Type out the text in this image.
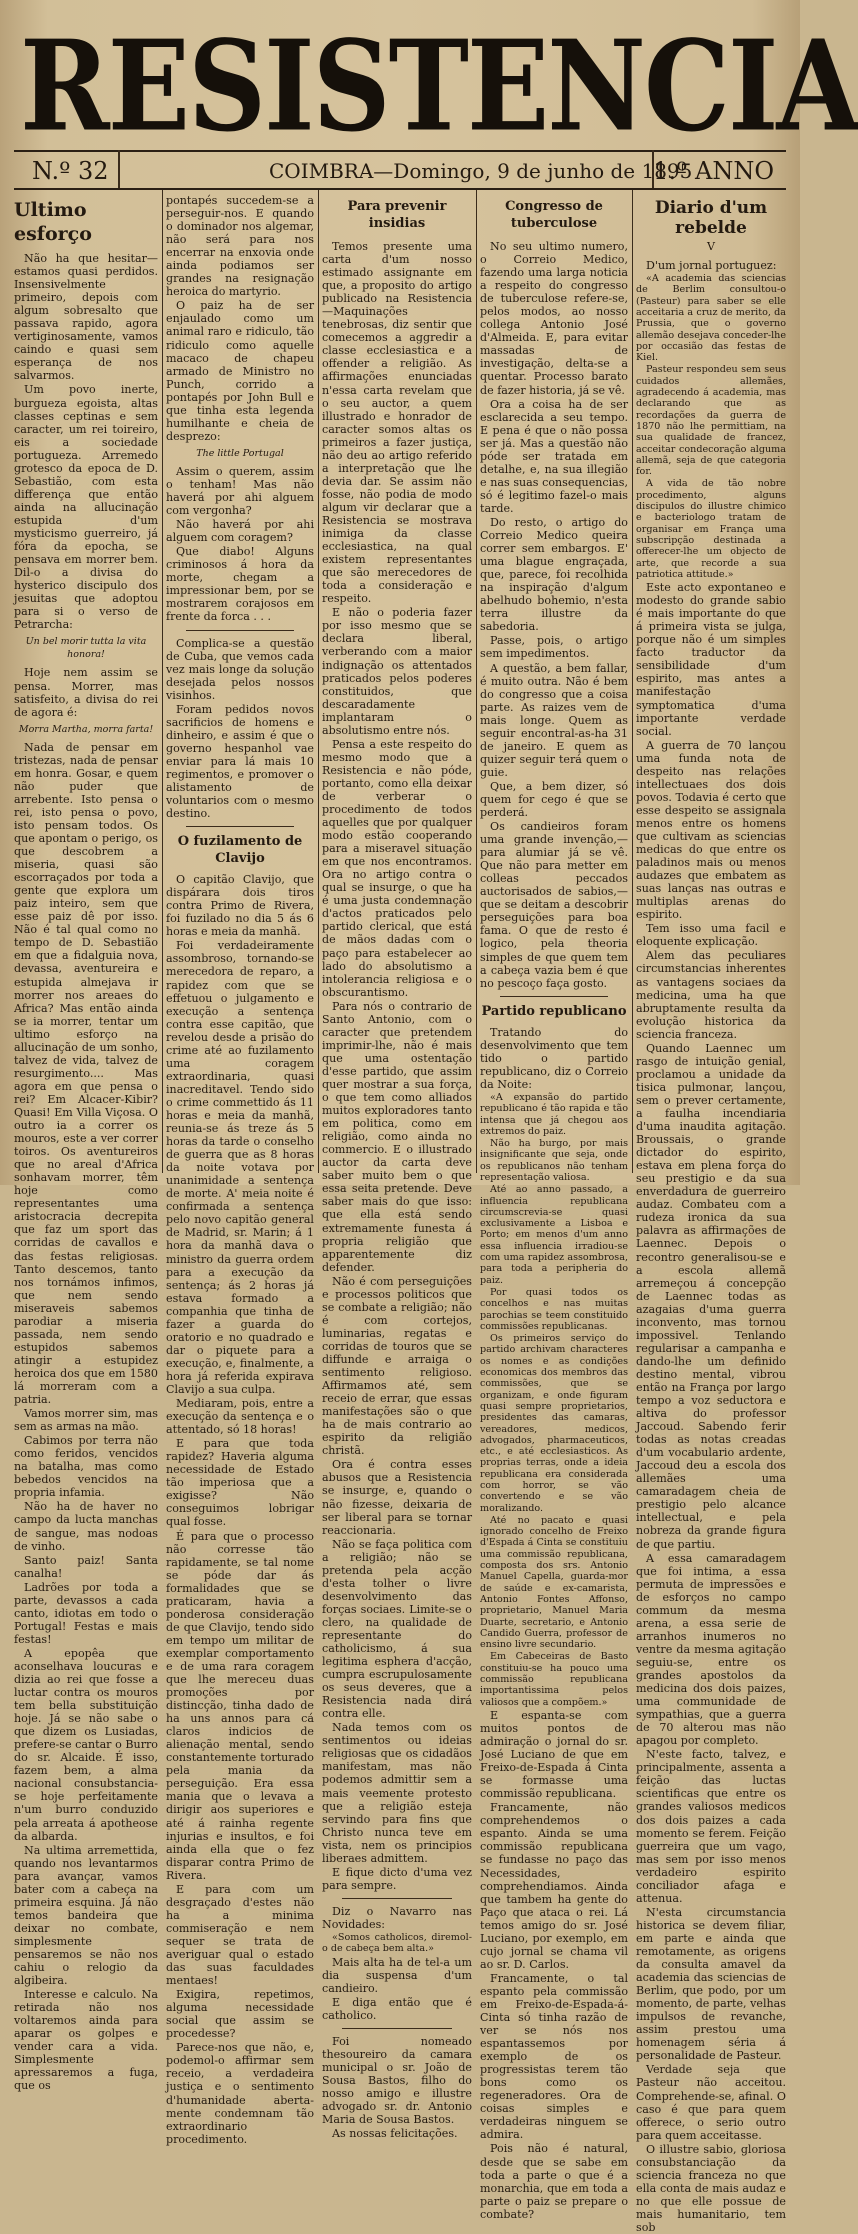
RESISTENCIA
N.º 32	COIMBRA—Domingo, 9 de junho de 1895
1.º ANNO
Ultimo esforço

Não ha que hesitar—estamos quasi perdidos. Insensivelmente primeiro, depois com algum sobresalto que passava rapido, agora vertiginosamente, vamos caindo e quasi sem esperança de nos salvarmos.

Um povo inerte, burgueza egoista, altas classes ceptinas e sem caracter, um rei toireiro, eis a sociedade portugueza. Arremedo grotesco da epoca de D. Sebastião, com esta differença que então ainda na allucinação estupida d'um mysticismo guerreiro, já fóra da epocha, se pensava em morrer bem. Dil-o a divisa do hysterico discipulo dos jesuitas que adoptou para si o verso de Petrarcha:

Un bel morir tutta la vita honora!

Hoje nem assim se pensa. Morrer, mas satisfeito, a divisa do rei de agora é:

Morra Martha, morra farta!

Nada de pensar em tristezas, nada de pensar em honra. Gosar, e quem não puder que arrebente. Isto pensa o rei, isto pensa o povo, isto pensam todos. Os que apontam o perigo, os que descobrem a miseria, quasi são escorraçados por toda a gente que explora um paiz inteiro, sem que esse paiz dê por isso. Não é tal qual como no tempo de D. Sebastião em que a fidalguia nova, devassa, aventureira e estupida almejava ir morrer nos areaes do Africa? Mas então ainda se ia morrer, tentar um ultimo esforço na allucinação de um sonho, talvez de vida, talvez de resurgimento.... Mas agora em que pensa o rei? Em Alcacer-Kibir? Quasi! Em Villa Viçosa. O outro ia a correr os mouros, este a ver correr toiros. Os aventureiros que no areal d'Africa sonhavam morrer, têm hoje como representantes uma aristocracia decrepita que faz um sport das corridas de cavallos e das festas religiosas. Tanto descemos, tanto nos tornámos infimos, que nem sendo miseraveis sabemos parodiar a miseria passada, nem sendo estupidos sabemos atingir a estupidez heroica dos que em 1580 lá morreram com a patria.

Vamos morrer sim, mas sem as armas na mão.

Cabimos por terra não como feridos, vencidos na batalha, mas como bebedos vencidos na propria infamia.

Não ha de haver no campo da lucta manchas de sangue, mas nodoas de vinho.

Santo paiz! Santa canalha!

Ladrões por toda a parte, devassos a cada canto, idiotas em todo o Portugal! Festas e mais festas!

A epopêa que aconselhava loucuras e dizia ao rei que fosse a luctar contra os mouros tem bella substituição hoje. Já se não sabe o que dizem os Lusiadas, prefere-se cantar o Burro do sr. Alcaide. É isso, fazem bem, a alma nacional consubstancia-se hoje perfeitamente n'um burro conduzido pela arreata á apotheose da albarda.

Na ultima arremettida, quando nos levantarmos para avançar, vamos bater com a cabeça na primeira esquina. Já não temos bandeira que deixar no combate, simplesmente pensaremos se não nos cahiu o relogio da algibeira.

Interesse e calculo. Na retirada não nos voltaremos ainda para aparar os golpes e vender cara a vida. Simplesmente apressaremos a fuga, que os

pontapés succedem-se a perseguir-nos. E quando o dominador nos algemar, não será para nos encerrar na enxovia onde ainda podiamos ser grandes na resignação heroica do martyrio.

O paiz ha de ser enjaulado como um animal raro e ridiculo, tão ridiculo como aquelle macaco de chapeu armado de Ministro no Punch, corrido a pontapés por John Bull e que tinha esta legenda humilhante e cheia de desprezo:

The little Portugal

Assim o querem, assim o tenham! Mas não haverá por ahi alguem com vergonha?

Não haverá por ahi alguem com coragem?

Que diabo! Alguns criminosos á hora da morte, chegam a impressionar bem, por se mostrarem corajosos em frente da forca . . .

Complica-se a questão de Cuba, que vemos cada vez mais longe da solução desejada pelos nossos visinhos.

Foram pedidos novos sacrificios de homens e dinheiro, e assim é que o governo hespanhol vae enviar para lá mais 10 regimentos, e promover o alistamento de voluntarios com o mesmo destino.

O fuzilamento de Clavijo

O capitão Clavijo, que dispárara dois tiros contra Primo de Rivera, foi fuzilado no dia 5 ás 6 horas e meia da manhã.

Foi verdadeiramente assombroso, tornando-se merecedora de reparo, a rapidez com que se effetuou o julgamento e execução a sentença contra esse capitão, que revelou desde a prisão do crime até ao fuzilamento uma coragem extraordinaria, quasi inacreditavel. Tendo sido o crime commettido ás 11 horas e meia da manhã, reunia-se ás treze ás 5 horas da tarde o conselho de guerra que as 8 horas da noite votava por unanimidade a sentença de morte. A' meia noite é confirmada a sentença pelo novo capitão general de Madrid, sr. Marin; á 1 hora da manhã dava o ministro da guerra ordem para a execução da sentença; ás 2 horas já estava formado a companhia que tinha de fazer a guarda do oratorio e no quadrado e dar o piquete para a execução, e, finalmente, a hora já referida expirava Clavijo a sua culpa.

Mediaram, pois, entre a execução da sentença e o attentado, só 18 horas!

E para que toda rapidez? Haveria alguma necessidade de Estado tão imperiosa que a exigisse? Não conseguimos lobrigar qual fosse.

É para que o processo não corresse tão rapidamente, se tal nome se póde dar ás formalidades que se praticaram, havia a ponderosa consideração de que Clavijo, tendo sido em tempo um militar de exemplar comportamento e de uma rara coragem que lhe mereceu duas promoções por distincção, tinha dado de ha uns annos para cá claros indicios de alienação mental, sendo constantemente torturado pela mania da perseguição. Era essa mania que o levava a dirigir aos superiores e até á rainha regente injurias e insultos, e foi ainda ella que o fez disparar contra Primo de Rivera.

E para com um desgraçado d'estes não ha a minima commiseração e nem sequer se trata de averiguar qual o estado das suas faculdades mentaes!

Exigira, repetimos, alguma necessidade social que assim se procedesse?

Parece-nos que não, e, podemol-o affirmar sem receio, a verdadeira justiça e o sentimento d'humanidade abertamente condemnam tão extraordinario procedimento.

Para prevenir insidias

Temos presente uma carta d'um nosso estimado assignante em que, a proposito do artigo publicado na Resistencia—Maquinações tenebrosas, diz sentir que comecemos a aggredir a classe ecclesiastica e a offender a religião. As affirmações enunciadas n'essa carta revelam que o seu auctor, a quem illustrado e honrador de caracter somos altas os primeiros a fazer justiça, não deu ao artigo referido a interpretação que lhe devia dar. Se assim não fosse, não podia de modo algum vir declarar que a Resistencia se mostrava inimiga da classe ecclesiastica, na qual existem representantes que são merecedores de toda a consideração e respeito.

E não o poderia fazer por isso mesmo que se declara liberal, verberando com a maior indignação os attentados praticados pelos poderes constituidos, que descaradamente implantaram o absolutismo entre nós.

Pensa a este respeito do mesmo modo que a Resistencia e não póde, portanto, como ella deixar de verberar o procedimento de todos aquelles que por qualquer modo estão cooperando para a miseravel situação em que nos encontramos. Ora no artigo contra o qual se insurge, o que ha é uma justa condemnação d'actos praticados pelo partido clerical, que está de mãos dadas com o paço para estabelecer ao lado do absolutismo a intolerancia religiosa e o obscurantismo.

Para nós o contrario de Santo Antonio, com o caracter que pretendem imprimir-lhe, não é mais que uma ostentação d'esse partido, que assim quer mostrar a sua força, o que tem como alliados muitos exploradores tanto em politica, como em religião, como ainda no commercio. E o illustrado auctor da carta deve saber muito bem o que essa seita pretende. Deve saber mais do que isso: que ella está sendo extremamente funesta á propria religião que apparentemente diz defender.

Não é com perseguições e processos politicos que se combate a religião; não é com cortejos, luminarias, regatas e corridas de touros que se diffunde e arraiga o sentimento religioso. Affirmamos até, sem receio de errar, que essas manifestações são o que ha de mais contrario ao espirito da religião christã.

Ora é contra esses abusos que a Resistencia se insurge, e, quando o não fizesse, deixaria de ser liberal para se tornar reaccionaria.

Não se faça politica com a religião; não se pretenda pela acção d'esta tolher o livre desenvolvimento das forças sociaes. Limite-se o clero, na qualidade de representante do catholicismo, á sua legitima esphera d'acção, cumpra escrupulosamente os seus deveres, que a Resistencia nada dirá contra elle.

Nada temos com os sentimentos ou ideias religiosas que os cidadãos manifestam, mas não podemos admittir sem a mais veemente protesto que a religião esteja servindo para fins que Christo nunca teve em vista, nem os principios liberaes admittem.

E fique dicto d'uma vez para sempre.

Diz o Navarro nas Novidades:

«Somos catholicos, diremol-o de cabeça bem alta.»

Mais alta ha de tel-a um dia suspensa d'um candieiro.

E diga então que é catholico.

Foi nomeado thesoureiro da camara municipal o sr. João de Sousa Bastos, filho do nosso amigo e illustre advogado sr. dr. Antonio Maria de Sousa Bastos.

As nossas felicitações.

Congresso de tuberculose

No seu ultimo numero, o Correio Medico, fazendo uma larga noticia a respeito do congresso de tuberculose refere-se, pelos modos, ao nosso collega Antonio José d'Almeida. E, para evitar massadas de investigação, delta-se a quentar. Processo barato de fazer historia, já se vê.

Ora a coisa ha de ser esclarecida a seu tempo. E pena é que o não possa ser já. Mas a questão não póde ser tratada em detalhe, e, na sua illegião e nas suas consequencias, só é legitimo fazel-o mais tarde.

Do resto, o artigo do Correio Medico queira correr sem embargos. E' uma blague engraçada, que, parece, foi recolhida na inspiração d'algum abelhudo bohemio, n'esta terra illustre da sabedoria.

Passe, pois, o artigo sem impedimentos.

A questão, a bem fallar, é muito outra. Não é bem do congresso que a coisa parte. As raizes vem de mais longe. Quem as seguir encontral-as-ha 31 de janeiro. E quem as quizer seguir terá quem o guie.

Que, a bem dizer, só quem for cego é que se perderá.

Os candieiros foram uma grande invenção,—para alumiar já se vê. Que não para metter em colleas peccados auctorisados de sabios,—que se deitam a descobrir perseguições para boa fama. O que de resto é logico, pela theoria simples de que quem tem a cabeça vazia bem é que no pescoço faça gosto.

Partido republicano

Tratando do desenvolvimento que tem tido o partido republicano, diz o Correio da Noite:

«A expansão do partido republicano é tão rapida e tão intensa que já chegou aos extremos do paiz.

Não ha burgo, por mais insignificante que seja, onde os republicanos não tenham representação valiosa.

Até ao anno passado, a influencia republicana circumscrevia-se quasi exclusivamente a Lisboa e Porto; em menos d'um anno essa influencia irradiou-se com uma rapidez assombrosa, para toda a peripheria do paiz.

Por quasi todos os concelhos e nas muitas parochias se teem constituido commissões republicanas.

Os primeiros serviço do partido archivam characteres os nomes e as condições economicas dos membros das commissões, que se organizam, e onde figuram quasi sempre proprietarios, presidentes das camaras, vereadores, medicos, advogados, pharmaceuticos, etc., e até ecclesiasticos. As proprias terras, onde a ideia republicana era considerada com horror, se vão convertendo e se vão moralizando.

Até no pacato e quasi ignorado concelho de Freixo d'Espada á Cinta se constituiu uma commissão republicana, composta dos srs. Antonio Manuel Capella, guarda-mor de saúde e ex-camarista, Antonio Fontes Affonso, proprietario, Manuel Maria Duarte, secretario, e Antonio Candido Guerra, professor de ensino livre secundario.

Em Cabeceiras de Basto constituiu-se ha pouco uma commissão republicana importantissima pelos valiosos que a compõem.»

E espanta-se com muitos pontos de admiração o jornal do sr. José Luciano de que em Freixo-de-Espada á Cinta se formasse uma commissão republicana.

Francamente, não comprehendemos o espanto. Ainda se uma commissão republicana se fundasse no paço das Necessidades, comprehendiamos. Ainda que tambem ha gente do Paço que ataca o rei. Lá temos amigo do sr. José Luciano, por exemplo, em cujo jornal se chama vil ao sr. D. Carlos.

Francamente, o tal espanto pela commissão em Freixo-de-Espada-á-Cinta só tinha razão de ver se nós nos espantassemos por exemplo de os progressistas terem tão bons como os regeneradores. Ora de coisas simples e verdadeiras ninguem se admira.

Pois não é natural, desde que se sabe em toda a parte o que é a monarchia, que em toda a parte o paiz se prepare o combate?

Diario d'um rebelde

V

D'um jornal portuguez:

«A academia das sciencias de Berlim consultou-o (Pasteur) para saber se elle acceitaria a cruz de merito, da Prussia, que o governo allemão desejava conceder-lhe por occasião das festas de Kiel.

Pasteur respondeu sem seus cuidados allemães, agradecendo á academia, mas declarando que as recordações da guerra de 1870 não lhe permittiam, na sua qualidade de francez, acceitar condecoração alguma allemã, seja de que categoria for.

A vida de tão nobre procedimento, alguns discipulos do illustre chimico e bacteriologo tratam de organisar em França uma subscripção destinada a offerecer-lhe um objecto de arte, que recorde a sua patriotica attitude.»

Este acto expontaneo e modesto do grande sabio é mais importante do que á primeira vista se julga, porque não é um simples facto traductor da sensibilidade d'um espirito, mas antes a manifestação symptomatica d'uma importante verdade social.

A guerra de 70 lançou uma funda nota de despeito nas relações intellectuaes dos dois povos. Todavia é certo que esse despeito se assignala menos entre os homens que cultivam as sciencias medicas do que entre os paladinos mais ou menos audazes que embatem as suas lanças nas outras e multiplas arenas do espirito.

Tem isso uma facil e eloquente explicação.

Alem das peculiares circumstancias inherentes as vantagens sociaes da medicina, uma ha que abruptamente resulta da evolução historica da sciencia franceza.

Quando Laennec um rasgo de intuição genial, proclamou a unidade da tisica pulmonar, lançou, sem o prever certamente, a faulha incendiaria d'uma inaudita agitação. Broussais, o grande dictador do espirito, estava em plena força do seu prestigio e da sua enverdadura de guerreiro audaz. Combateu com a rudeza ironica da sua palavra as affirmações de Laennec. Depois o recontro generalisou-se e a escola allemã arremeçou á concepção de Laennec todas as azagaias d'uma guerra inconvento, mas tornou impossivel. Tenlando regularisar a campanha e dando-lhe um definido destino mental, vibrou então na França por largo tempo a voz seductora e altiva do professor Jaccoud. Sabendo ferir todas as notas creadas d'um vocabulario ardente, Jaccoud deu a escola dos allemães uma camaradagem cheia de prestigio pelo alcance intellectual, e pela nobreza da grande figura de que partiu.

A essa camaradagem que foi intima, a essa permuta de impressões e de esforços no campo commum da mesma arena, a essa serie de arranhos inumeros no ventre da mesma agitação seguiu-se, entre os grandes apostolos da medicina dos dois paizes, uma communidade de sympathias, que a guerra de 70 alterou mas não apagou por completo.

N'este facto, talvez, e principalmente, assenta a feição das luctas scientificas que entre os grandes valiosos medicos dos dois paizes a cada momento se ferem. Feição guerreira que um vago, mas sem por isso menos verdadeiro espirito conciliador afaga e attenua.

N'esta circumstancia historica se devem filiar, em parte e ainda que remotamente, as origens da consulta amavel da academia das sciencias de Berlim, que podo, por um momento, de parte, velhas impulsos de revanche, assim prestou uma homenagem séria á personalidade de Pasteur.

Verdade seja que Pasteur não acceitou. Comprehende-se, afinal. O caso é que para quem offerece, o serio outro para quem acceitasse.

O illustre sabio, gloriosa consubstanciação da sciencia franceza no que ella conta de mais audaz e no que elle possue de mais humanitario, tem sob
